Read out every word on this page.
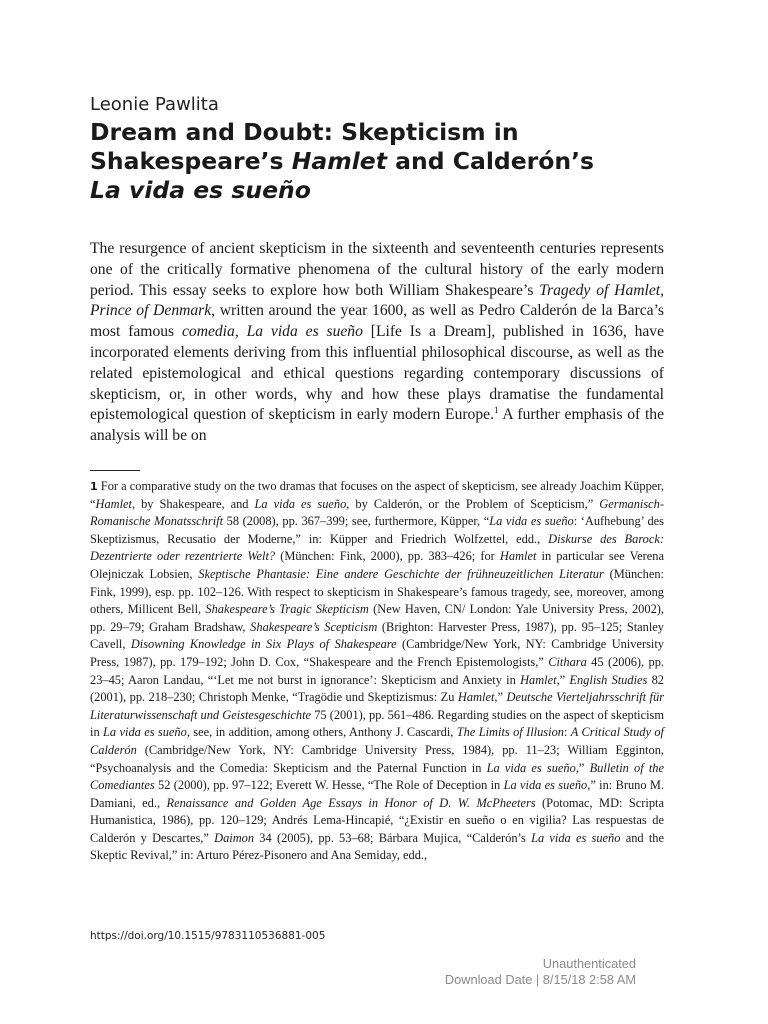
Leonie Pawlita
Dream and Doubt: Skepticism in Shakespeare’s Hamlet and Calderón’s
La vida es sueño
The resurgence of ancient skepticism in the sixteenth and seventeenth centuries represents one of the critically formative phenomena of the cultural history of the early modern period. This essay seeks to explore how both William Shakespeare’s Tragedy of Hamlet, Prince of Denmark, written around the year 1600, as well as Pedro Calderón de la Barca’s most famous comedia, La vida es sueño [Life Is a Dream], published in 1636, have incorporated elements deriving from this influential philosophical discourse, as well as the related epistemological and ethical questions regarding contemporary discussions of skepticism, or, in other words, why and how these plays dramatise the fundamental epistemological question of skepticism in early modern Europe.$^1$ A further emphasis of the analysis will be on
1 For a comparative study on the two dramas that focuses on the aspect of skepticism, see already Joachim Küpper, “Hamlet, by Shakespeare, and La vida es sueño, by Calderón, or the Problem of Scepticism,” Germanisch-Romanische Monatsschrift 58 (2008), pp. 367–399; see, furthermore, Küpper, “La vida es sueño: ‘Aufhebung’ des Skeptizismus, Recusatio der Moderne,” in: Küpper and Friedrich Wolfzettel, edd., Diskurse des Barock: Dezentrierte oder rezentrierte Welt? (München: Fink, 2000), pp. 383–426; for Hamlet in particular see Verena Olejniczak Lobsien, Skeptische Phantasie: Eine andere Geschichte der frühneuzeitlichen Literatur (München: Fink, 1999), esp. pp. 102–126. With respect to skepticism in Shakespeare’s famous tragedy, see, moreover, among others, Millicent Bell, Shakespeare’s Tragic Skepticism (New Haven, CN/ London: Yale University Press, 2002), pp. 29–79; Graham Bradshaw, Shakespeare’s Scepticism (Brighton: Harvester Press, 1987), pp. 95–125; Stanley Cavell, Disowning Knowledge in Six Plays of Shakespeare (Cambridge/New York, NY: Cambridge University Press, 1987), pp. 179–192; John D. Cox, “Shakespeare and the French Epistemologists,” Cithara 45 (2006), pp. 23–45; Aaron Landau, “‘Let me not burst in ignorance’: Skepticism and Anxiety in Hamlet,” English Studies 82 (2001), pp. 218–230; Christoph Menke, “Tragödie und Skeptizismus: Zu Hamlet,” Deutsche Vierteljahrsschrift für Literaturwissenschaft und Geistesgeschichte 75 (2001), pp. 561–486. Regarding studies on the aspect of skepticism in La vida es sueño, see, in addition, among others, Anthony J. Cascardi, The Limits of Illusion: A Critical Study of Calderón (Cambridge/New York, NY: Cambridge University Press, 1984), pp. 11–23; William Egginton, “Psychoanalysis and the Comedia: Skepticism and the Paternal Function in La vida es sueño,” Bulletin of the Comediantes 52 (2000), pp. 97–122; Everett W. Hesse, “The Role of Deception in La vida es sueño,” in: Bruno M. Damiani, ed., Renaissance and Golden Age Essays in Honor of D. W. McPheeters (Potomac, MD: Scripta Humanistica, 1986), pp. 120–129; Andrés Lema-Hincapié, “¿Existir en sueño o en vigilia? Las respuestas de Calderón y Descartes,” Daimon 34 (2005), pp. 53–68; Bárbara Mujica, “Calderón’s La vida es sueño and the Skeptic Revival,” in: Arturo Pérez-Pisonero and Ana Semiday, edd.,
https://doi.org/10.1515/9783110536881-005
Unauthenticated
Download Date | 8/15/18 2:58 AM
